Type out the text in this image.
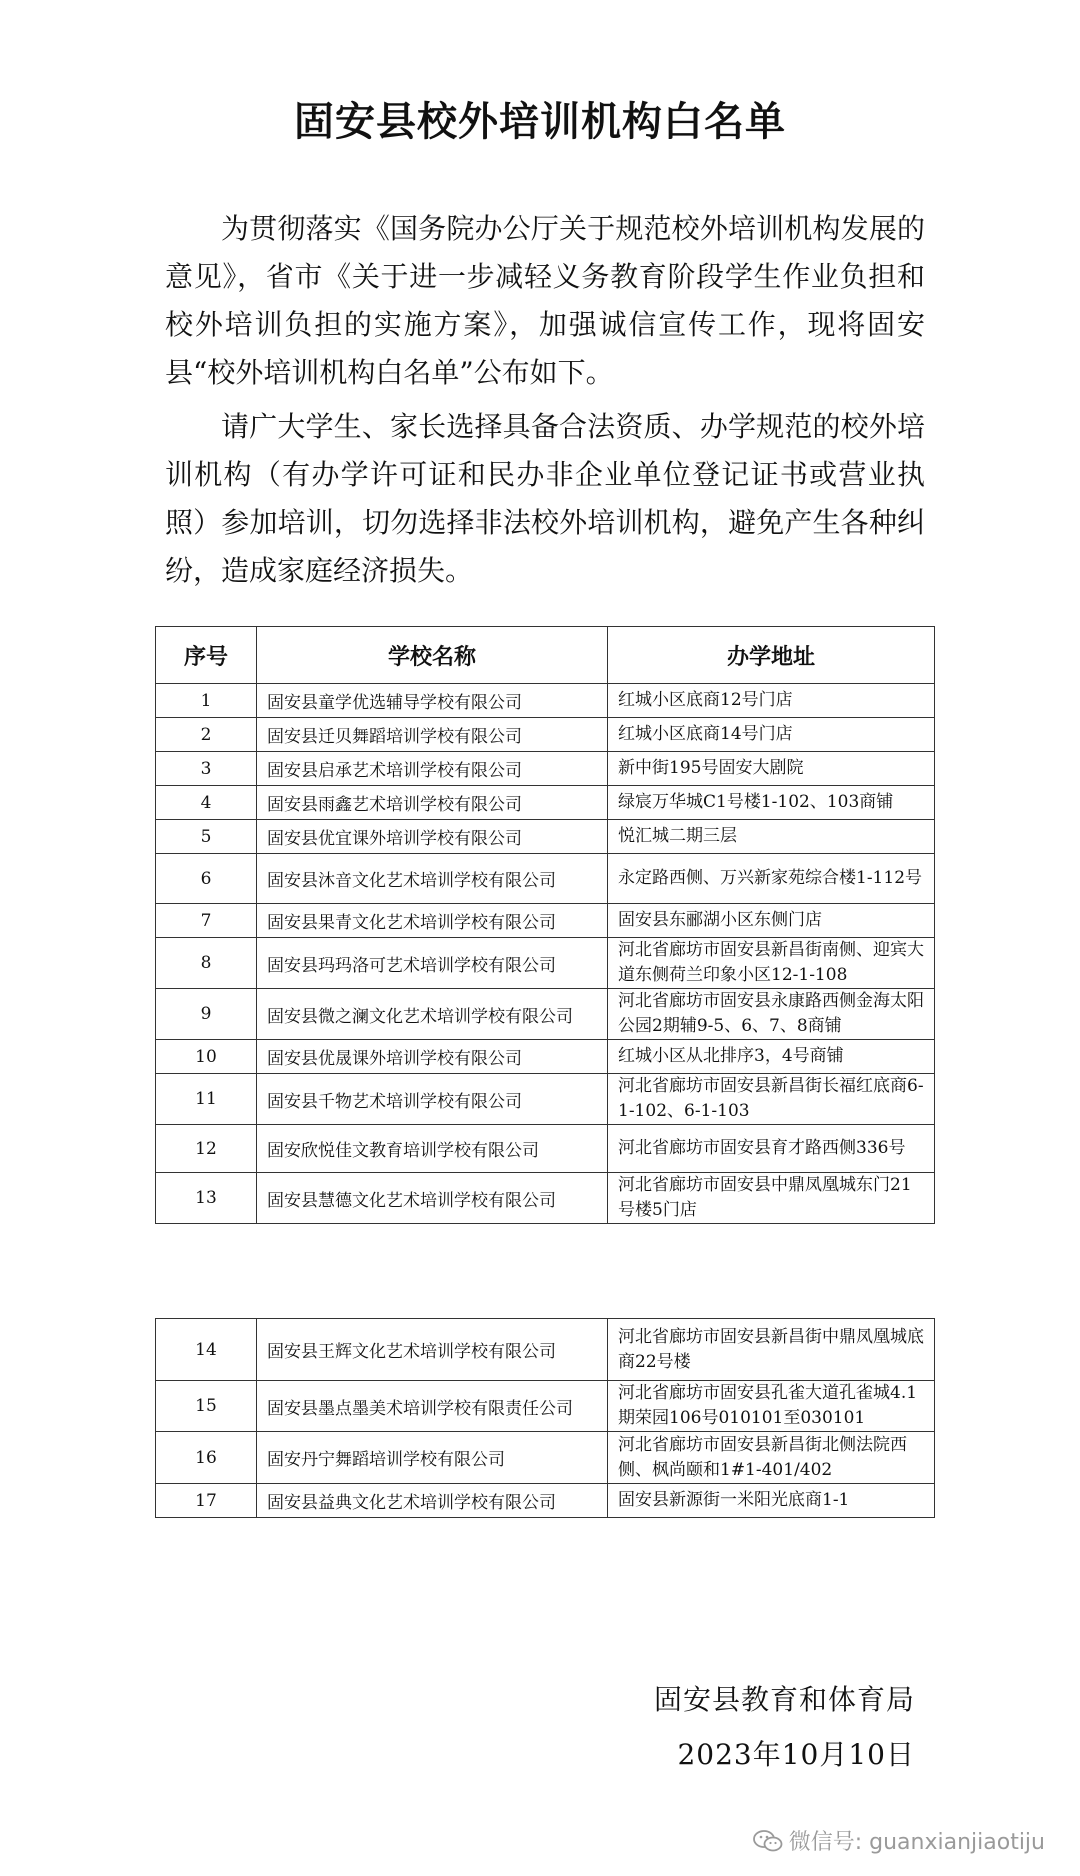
固安县校外培训机构白名单
为贯彻落实《国务院办公厅关于规范校外培训机构发展的意见》，省市《关于进一步减轻义务教育阶段学生作业负担和校外培训负担的实施方案》，加强诚信宣传工作，现将固安县“校外培训机构白名单”公布如下。
请广大学生、家长选择具备合法资质、办学规范的校外培训机构（有办学许可证和民办非企业单位登记证书或营业执照）参加培训，切勿选择非法校外培训机构，避免产生各种纠纷，造成家庭经济损失。
序号	学校名称	办学地址
1	固安县童学优选辅导学校有限公司	红城小区底商12号门店
2	固安县迁贝舞蹈培训学校有限公司	红城小区底商14号门店
3	固安县启承艺术培训学校有限公司	新中街195号固安大剧院
4	固安县雨鑫艺术培训学校有限公司	绿宸万华城C1号楼1-102、103商铺
5	固安县优宜课外培训学校有限公司	悦汇城二期三层
6	固安县沐音文化艺术培训学校有限公司	永定路西侧、万兴新家苑综合楼1-112号
7	固安县果青文化艺术培训学校有限公司	固安县东郦湖小区东侧门店
8	固安县玛玛洛可艺术培训学校有限公司	河北省廊坊市固安县新昌街南侧、迎宾大道东侧荷兰印象小区12-1-108
9	固安县微之澜文化艺术培训学校有限公司	河北省廊坊市固安县永康路西侧金海太阳公园2期辅9-5、6、7、8商铺
10	固安县优晟课外培训学校有限公司	红城小区从北排序3，4号商铺
11	固安县千物艺术培训学校有限公司	河北省廊坊市固安县新昌街长福红底商6-1-102、6-1-103
12	固安欣悦佳文教育培训学校有限公司	河北省廊坊市固安县育才路西侧336号
13	固安县慧德文化艺术培训学校有限公司	河北省廊坊市固安县中鼎凤凰城东门21号楼5门店
14	固安县王辉文化艺术培训学校有限公司	河北省廊坊市固安县新昌街中鼎凤凰城底商22号楼
15	固安县墨点墨美术培训学校有限责任公司	河北省廊坊市固安县孔雀大道孔雀城4.1期荣园106号010101至030101
16	固安丹宁舞蹈培训学校有限公司	河北省廊坊市固安县新昌街北侧法院西侧、枫尚颐和1#1-401/402
17	固安县益典文化艺术培训学校有限公司	固安县新源街一米阳光底商1-1
固安县教育和体育局
2023年10月10日
微信号: guanxianjiaotiju
